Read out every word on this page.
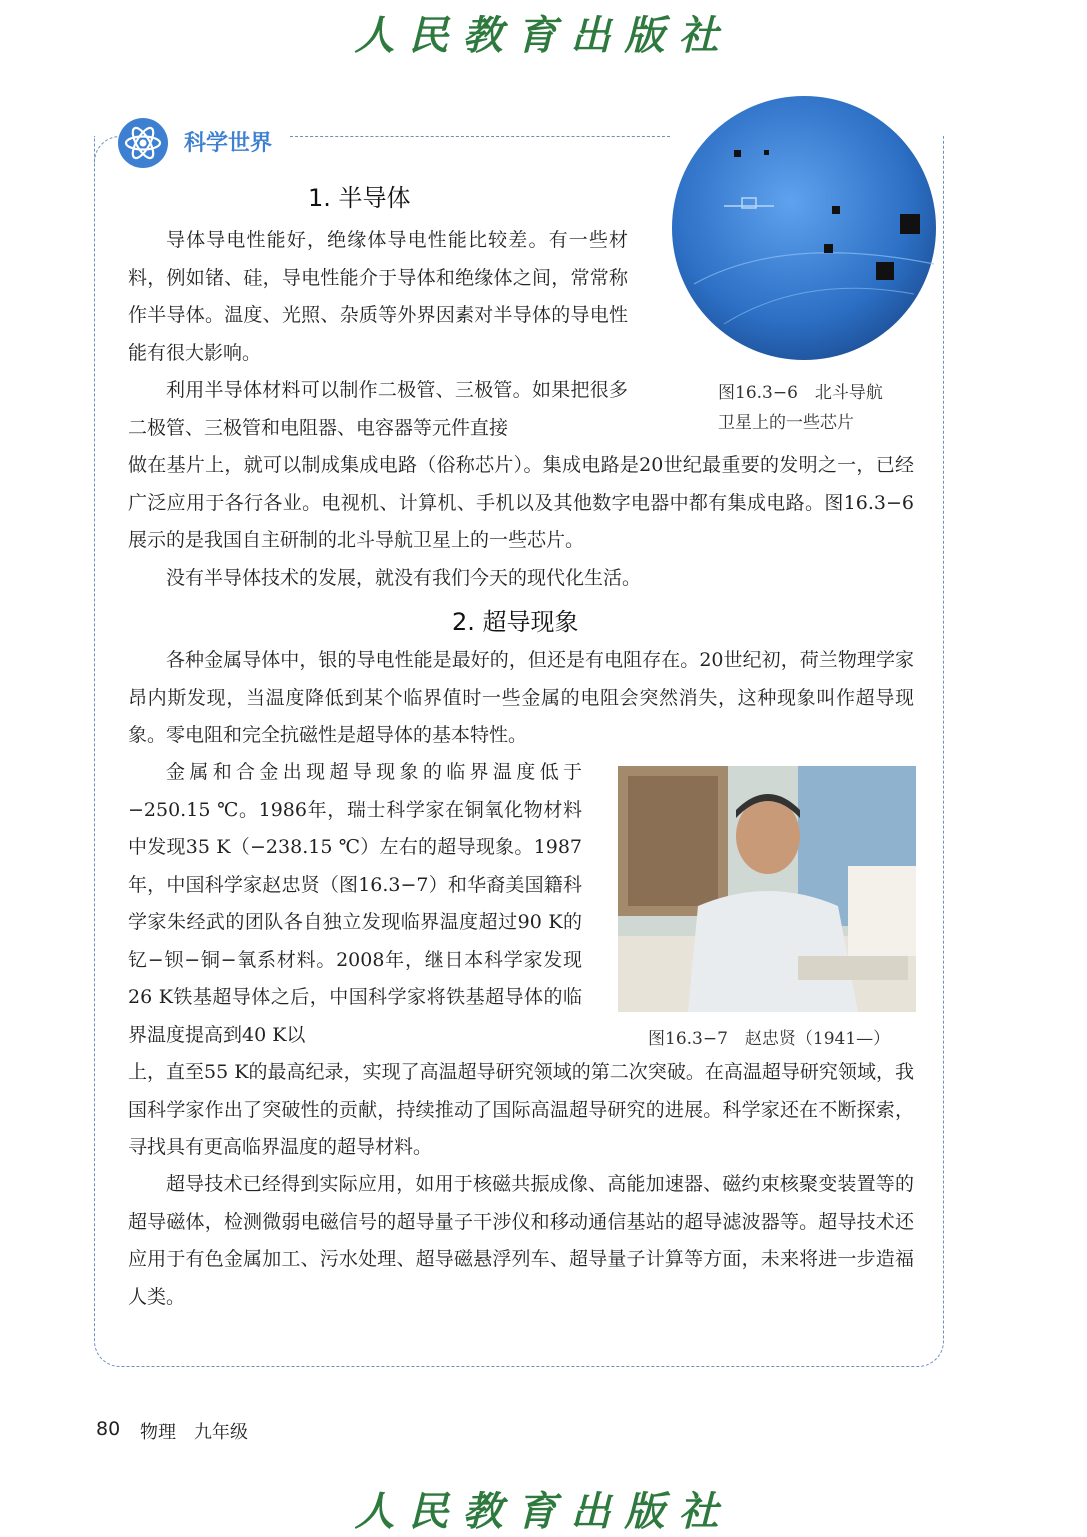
人民教育出版社
科学世界
1. 半导体

导体导电性能好，绝缘体导电性能比较差。有一些材料，例如锗、硅，导电性能介于导体和绝缘体之间，常常称作半导体。温度、光照、杂质等外界因素对半导体的导电性能有很大影响。

利用半导体材料可以制作二极管、三极管。如果把很多二极管、三极管和电阻器、电容器等元件直接

做在基片上，就可以制成集成电路（俗称芯片）。集成电路是20世纪最重要的发明之一，已经广泛应用于各行各业。电视机、计算机、手机以及其他数字电器中都有集成电路。图16.3−6展示的是我国自主研制的北斗导航卫星上的一些芯片。

没有半导体技术的发展，就没有我们今天的现代化生活。

图16.3−6　北斗导航
卫星上的一些芯片
2. 超导现象

各种金属导体中，银的导电性能是最好的，但还是有电阻存在。20世纪初，荷兰物理学家昂内斯发现，当温度降低到某个临界值时一些金属的电阻会突然消失，这种现象叫作超导现象。零电阻和完全抗磁性是超导体的基本特性。

金属和合金出现超导现象的临界温度低于−250.15 ℃。1986年，瑞士科学家在铜氧化物材料中发现35 K（−238.15 ℃）左右的超导现象。1987年，中国科学家赵忠贤（图16.3−7）和华裔美国籍科学家朱经武的团队各自独立发现临界温度超过90 K的钇−钡−铜−氧系材料。2008年，继日本科学家发现26 K铁基超导体之后，中国科学家将铁基超导体的临界温度提高到40 K以

上，直至55 K的最高纪录，实现了高温超导研究领域的第二次突破。在高温超导研究领域，我国科学家作出了突破性的贡献，持续推动了国际高温超导研究的进展。科学家还在不断探索，寻找具有更高临界温度的超导材料。

超导技术已经得到实际应用，如用于核磁共振成像、高能加速器、磁约束核聚变装置等的超导磁体，检测微弱电磁信号的超导量子干涉仪和移动通信基站的超导滤波器等。超导技术还应用于有色金属加工、污水处理、超导磁悬浮列车、超导量子计算等方面，未来将进一步造福人类。

图16.3−7　赵忠贤（1941—）
80 物理　九年级
人民教育出版社
